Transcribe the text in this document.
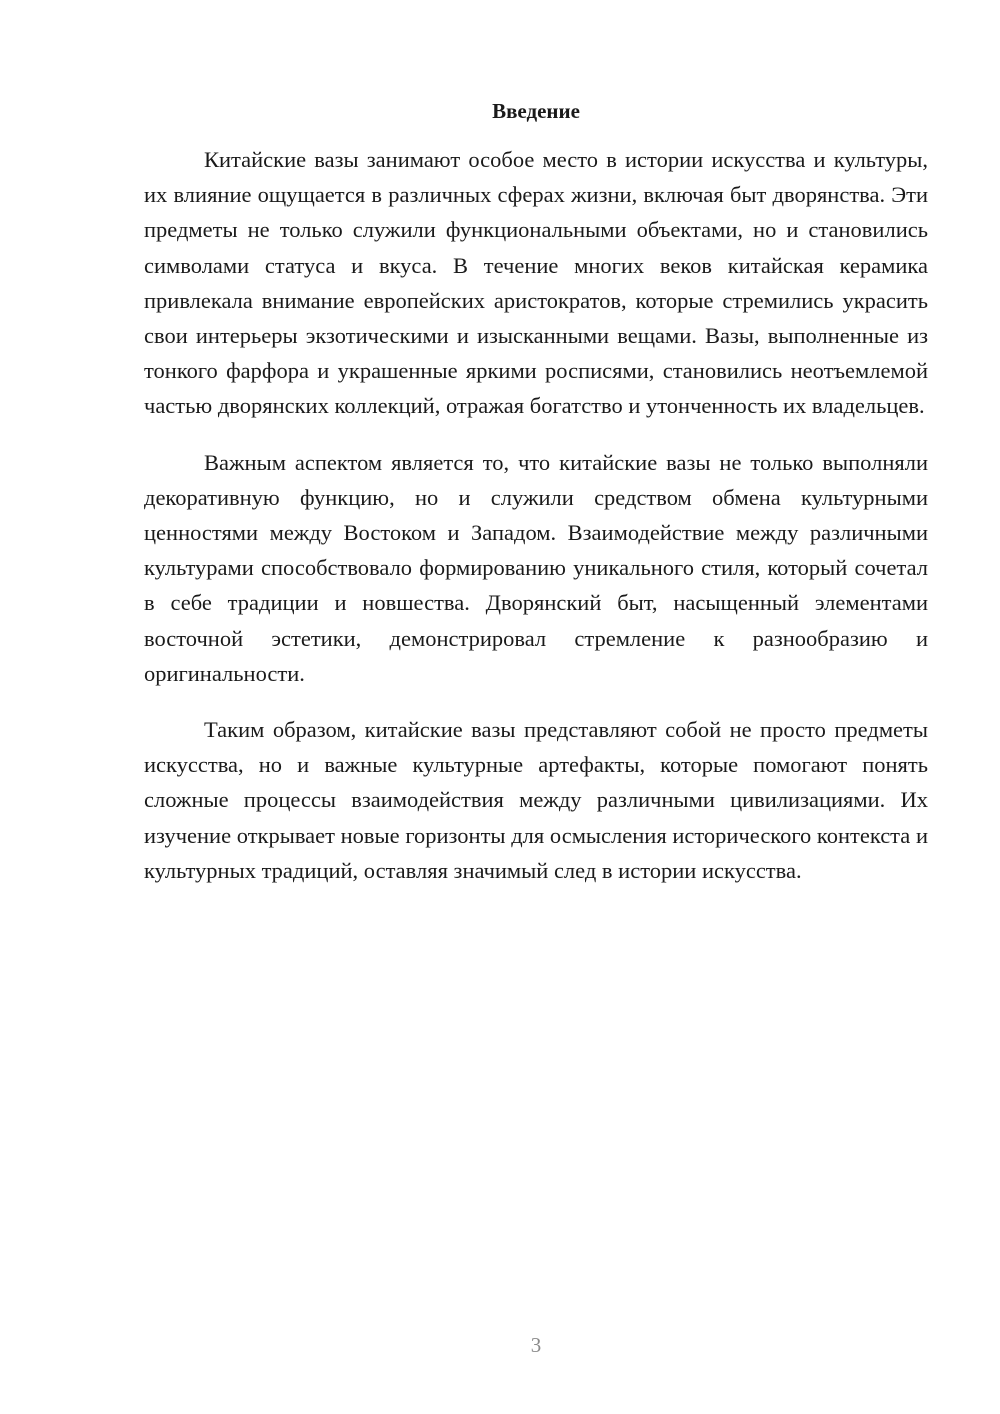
Введение

Китайские вазы занимают особое место в истории искусства и культуры, их влияние ощущается в различных сферах жизни, включая быт дворянства. Эти предметы не только служили функциональными объектами, но и становились символами статуса и вкуса. В течение многих веков китайская керамика привлекала внимание европейских аристократов, которые стремились украсить свои интерьеры экзотическими и изысканными вещами. Вазы, выполненные из тонкого фарфора и украшенные яркими росписями, становились неотъемлемой частью дворянских коллекций, отражая богатство и утонченность их владельцев.

Важным аспектом является то, что китайские вазы не только выполняли декоративную функцию, но и служили средством обмена культурными ценностями между Востоком и Западом. Взаимодействие между различными культурами способствовало формированию уникального стиля, который сочетал в себе традиции и новшества. Дворянский быт, насыщенный элементами восточной эстетики, демонстрировал стремление к разнообразию и оригинальности.

Таким образом, китайские вазы представляют собой не просто предметы искусства, но и важные культурные артефакты, которые помогают понять сложные процессы взаимодействия между различными цивилизациями. Их изучение открывает новые горизонты для осмысления исторического контекста и культурных традиций, оставляя значимый след в истории искусства.

3
